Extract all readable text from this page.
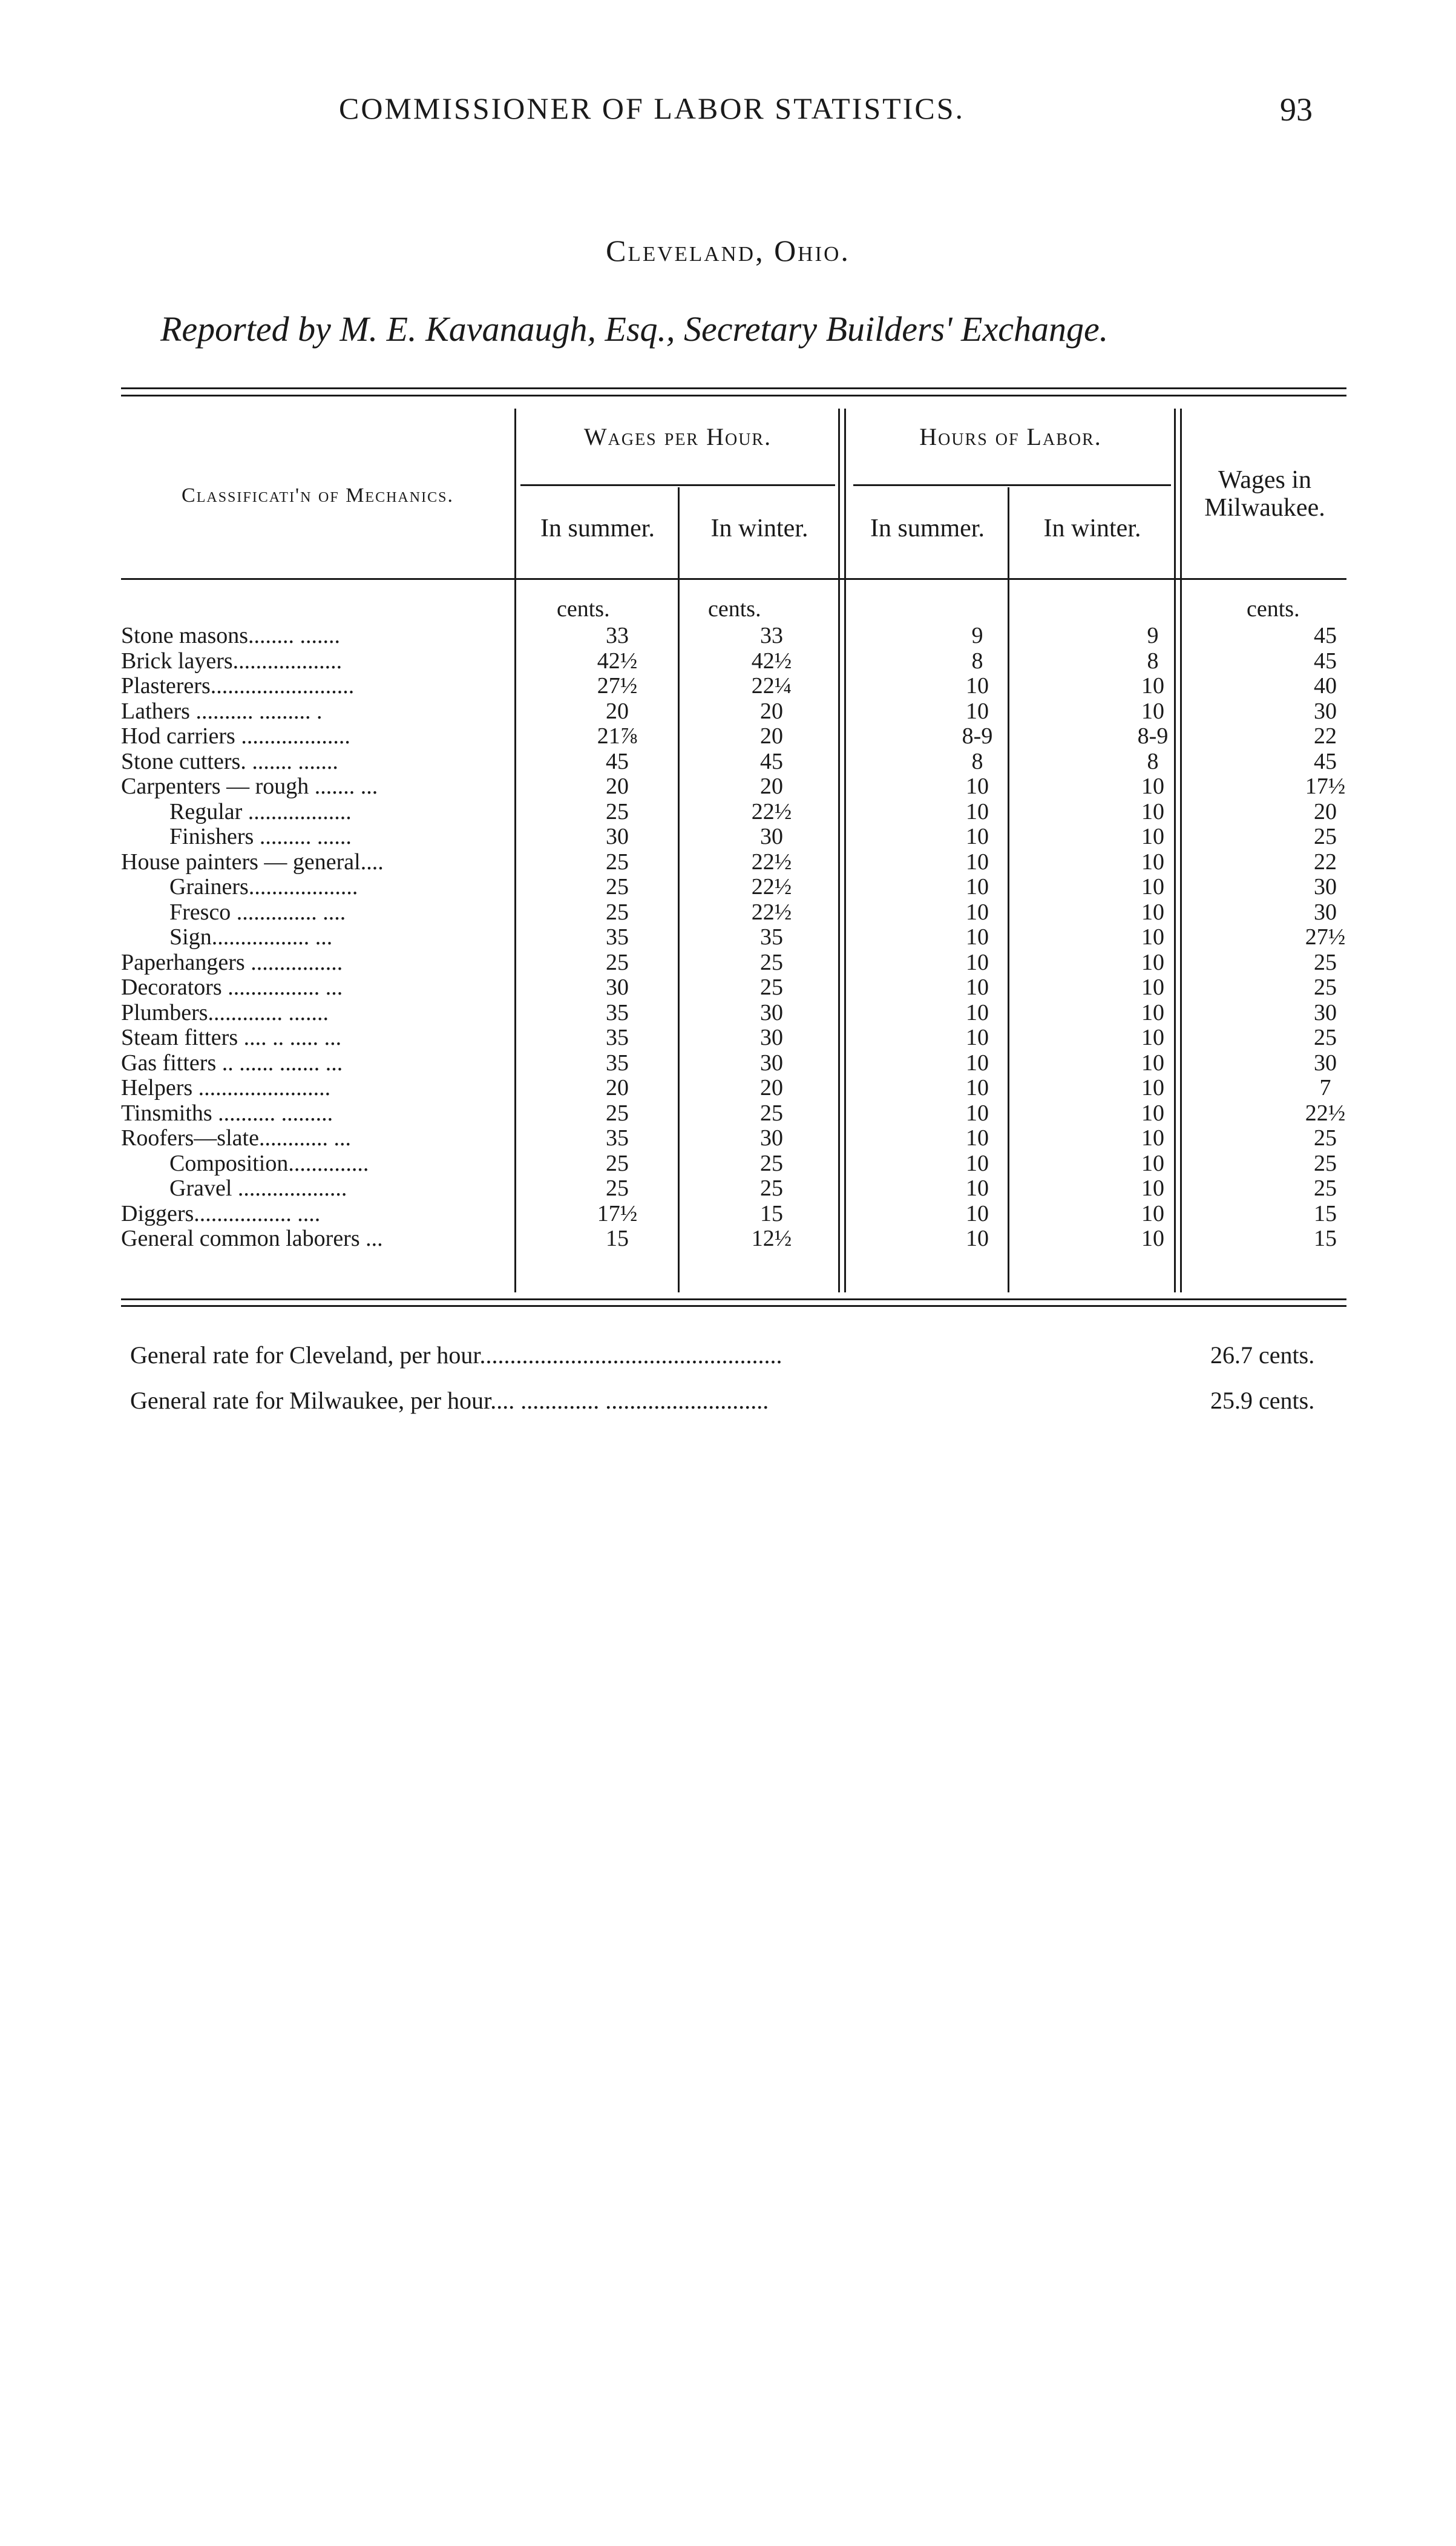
COMMISSIONER OF LABOR STATISTICS.	93
Cleveland, Ohio.
Reported by M. E. Kavanaugh, Esq., Secretary Builders' Exchange.
Classificati'n of Mechanics.
Wages per Hour.	Hours of Labor.
In summer.	In winter.	In summer.	In winter.
Wages in Milwaukee.
cents.	cents.	cents.
Stone masons........ .......	33	33	9	9	45
Brick layers...................	42½	42½	8	8	45
Plasterers.........................	27½	22¼	10	10	40
Lathers .......... ......... .	20	20	10	10	30
Hod carriers ...................	21⅞	20	8-9	8-9	22
Stone cutters. ....... .......	45	45	8	8	45
Carpenters — rough ....... ...	20	20	10	10	17½
Regular ..................	25	22½	10	10	20
Finishers ......... ......	30	30	10	10	25
House painters — general....	25	22½	10	10	22
Grainers...................	25	22½	10	10	30
Fresco .............. ....	25	22½	10	10	30
Sign................. ...	35	35	10	10	27½
Paperhangers ................	25	25	10	10	25
Decorators ................ ...	30	25	10	10	25
Plumbers............. .......	35	30	10	10	30
Steam fitters .... .. ..... ...	35	30	10	10	25
Gas fitters .. ...... ....... ...	35	30	10	10	30
Helpers .......................	20	20	10	10	7
Tinsmiths .......... .........	25	25	10	10	22½
Roofers—slate............ ...	35	30	10	10	25
Composition..............	25	25	10	10	25
Gravel ...................	25	25	10	10	25
Diggers................. ....	17½	15	10	10	15
General common laborers ...	15	12½	10	10	15
General rate for Cleveland, per hour..................................................	26.7 cents.
General rate for Milwaukee, per hour.... ............. ...........................	25.9 cents.
